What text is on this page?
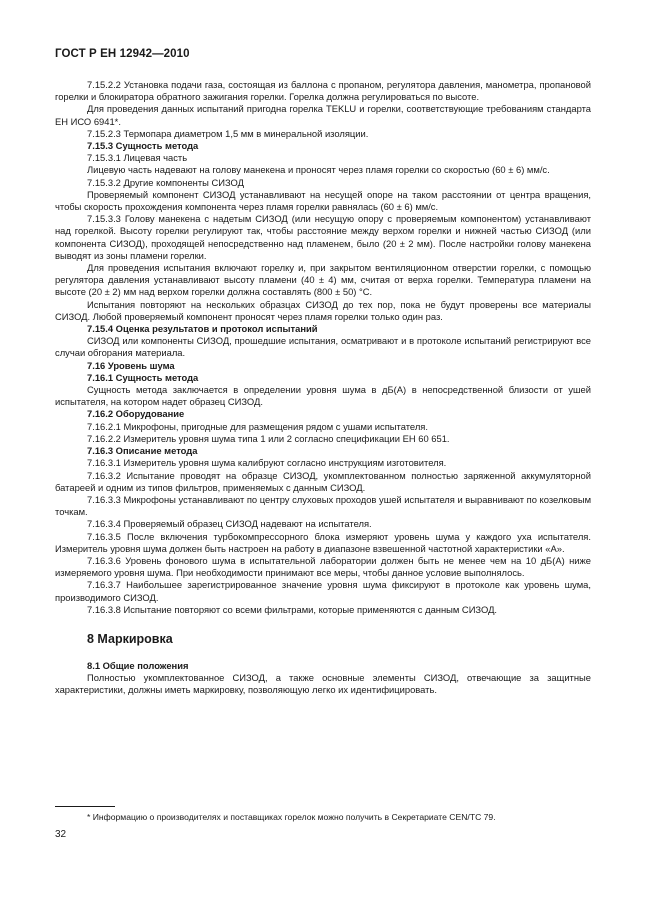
ГОСТ Р ЕН 12942—2010

7.15.2.2 Установка подачи газа, состоящая из баллона с пропаном, регулятора давления, манометра, пропановой горелки и блокиратора обратного зажигания горелки. Горелка должна регулироваться по высоте.

Для проведения данных испытаний пригодна горелка TEKLU и горелки, соответствующие требованиям стандарта ЕН ИСО 6941*.

7.15.2.3 Термопара диаметром 1,5 мм в минеральной изоляции.

7.15.3 Сущность метода

7.15.3.1 Лицевая часть

Лицевую часть надевают на голову манекена и проносят через пламя горелки со скоростью (60 ± 6) мм/с.

7.15.3.2 Другие компоненты СИЗОД

Проверяемый компонент СИЗОД устанавливают на несущей опоре на таком расстоянии от центра вращения, чтобы скорость прохождения компонента через пламя горелки равнялась (60 ± 6) мм/с.

7.15.3.3 Голову манекена с надетым СИЗОД (или несущую опору с проверяемым компонентом) устанавливают над горелкой. Высоту горелки регулируют так, чтобы расстояние между верхом горелки и нижней частью СИЗОД (или компонента СИЗОД), проходящей непосредственно над пламенем, было (20 ± 2 мм). После настройки голову манекена выводят из зоны пламени горелки.

Для проведения испытания включают горелку и, при закрытом вентиляционном отверстии горелки, с помощью регулятора давления устанавливают высоту пламени (40 ± 4) мм, считая от верха горелки. Температура пламени на высоте (20 ± 2) мм над верхом горелки должна составлять (800 ± 50) °С.

Испытания повторяют на нескольких образцах СИЗОД до тех пор, пока не будут проверены все материалы СИЗОД. Любой проверяемый компонент проносят через пламя горелки только один раз.

7.15.4 Оценка результатов и протокол испытаний

СИЗОД или компоненты СИЗОД, прошедшие испытания, осматривают и в протоколе испытаний регистрируют все случаи обгорания материала.

7.16 Уровень шума

7.16.1 Сущность метода

Сущность метода заключается в определении уровня шума в дБ(А) в непосредственной близости от ушей испытателя, на котором надет образец СИЗОД.

7.16.2 Оборудование

7.16.2.1 Микрофоны, пригодные для размещения рядом с ушами испытателя.

7.16.2.2 Измеритель уровня шума типа 1 или 2 согласно спецификации ЕН 60 651.

7.16.3 Описание метода

7.16.3.1 Измеритель уровня шума калибруют согласно инструкциям изготовителя.

7.16.3.2 Испытание проводят на образце СИЗОД, укомплектованном полностью заряженной аккумуляторной батареей и одним из типов фильтров, применяемых с данным СИЗОД.

7.16.3.3 Микрофоны устанавливают по центру слуховых проходов ушей испытателя и выравнивают по козелковым точкам.

7.16.3.4 Проверяемый образец СИЗОД надевают на испытателя.

7.16.3.5 После включения турбокомпрессорного блока измеряют уровень шума у каждого уха испытателя. Измеритель уровня шума должен быть настроен на работу в диапазоне взвешенной частотной характеристики «А».

7.16.3.6 Уровень фонового шума в испытательной лаборатории должен быть не менее чем на 10 дБ(А) ниже измеряемого уровня шума. При необходимости принимают все меры, чтобы данное условие выполнялось.

7.16.3.7 Наибольшее зарегистрированное значение уровня шума фиксируют в протоколе как уровень шума, производимого СИЗОД.

7.16.3.8 Испытание повторяют со всеми фильтрами, которые применяются с данным СИЗОД.

8 Маркировка

8.1 Общие положения

Полностью укомплектованное СИЗОД, а также основные элементы СИЗОД, отвечающие за защитные характеристики, должны иметь маркировку, позволяющую легко их идентифицировать.

* Информацию о производителях и поставщиках горелок можно получить в Секретариате CEN/TC 79.
32
